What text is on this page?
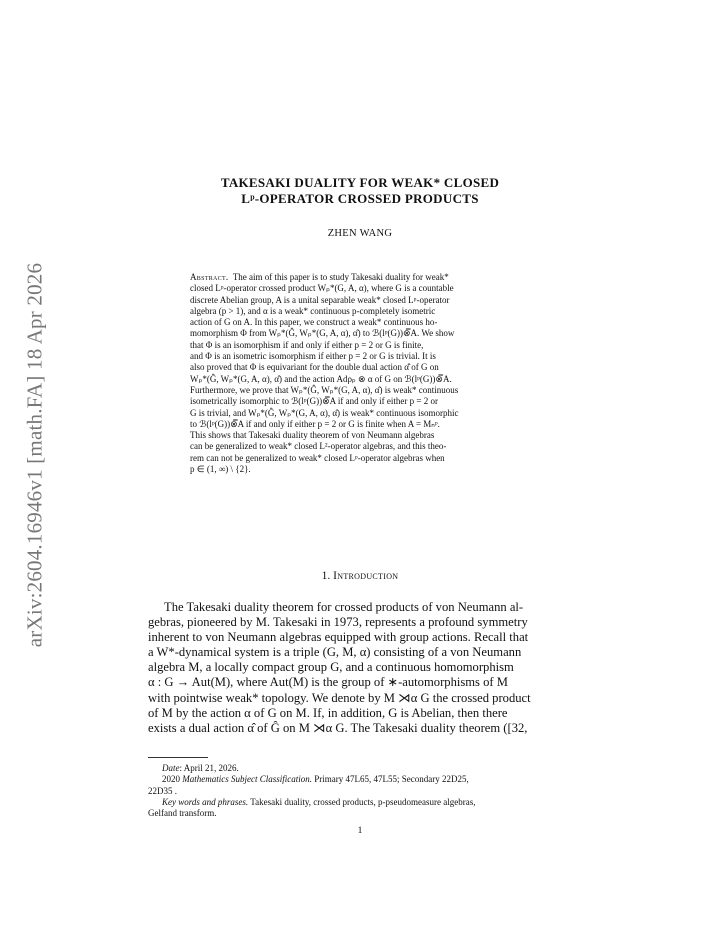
arXiv:2604.16946v1 [math.FA] 18 Apr 2026
TAKESAKI DUALITY FOR WEAK* CLOSED
Lᵖ-OPERATOR CROSSED PRODUCTS
ZHEN WANG
Abstract. The aim of this paper is to study Takesaki duality for weak*
closed Lᵖ-operator crossed product Wₚ*(G, A, α), where G is a countable
discrete Abelian group, A is a unital separable weak* closed Lᵖ-operator
algebra (p > 1), and α is a weak* continuous p-completely isometric
action of G on A. In this paper, we construct a weak* continuous ho-
momorphism Φ from Wₚ*(Ĝ, Wₚ*(G, A, α), α̂) to ℬ(lᵖ(G))⊗̅A. We show
that Φ is an isomorphism if and only if either p = 2 or G is finite,
and Φ is an isometric isomorphism if either p = 2 or G is trivial. It is
also proved that Φ is equivariant for the double dual action α̂̂ of G on
Wₚ*(Ĝ, Wₚ*(G, A, α), α̂) and the action Adρₚ ⊗ α of G on ℬ(lᵖ(G))⊗̅A.
Furthermore, we prove that Wₚ*(Ĝ, Wₚ*(G, A, α), α̂) is weak* continuous
isometrically isomorphic to ℬ(lᵖ(G))⊗̅A if and only if either p = 2 or
G is trivial, and Wₚ*(Ĝ, Wₚ*(G, A, α), α̂) is weak* continuous isomorphic
to ℬ(lᵖ(G))⊗̅A if and only if either p = 2 or G is finite when A = Mₙᵖ.
This shows that Takesaki duality theorem of von Neumann algebras
can be generalized to weak* closed L²-operator algebras, and this theo-
rem can not be generalized to weak* closed Lᵖ-operator algebras when
p ∈ (1, ∞) \ {2}.
1. Introduction
The Takesaki duality theorem for crossed products of von Neumann al-
gebras, pioneered by M. Takesaki in 1973, represents a profound symmetry
inherent to von Neumann algebras equipped with group actions. Recall that
a W*-dynamical system is a triple (G, M, α) consisting of a von Neumann
algebra M, a locally compact group G, and a continuous homomorphism
α : G → Aut(M), where Aut(M) is the group of ∗-automorphisms of M
with pointwise weak* topology. We denote by M ⋊α G the crossed product
of M by the action α of G on M. If, in addition, G is Abelian, then there
exists a dual action α̂ of Ĝ on M ⋊α G. The Takesaki duality theorem ([32,
Date: April 21, 2026.
2020 Mathematics Subject Classification. Primary 47L65, 47L55; Secondary 22D25,
22D35 .
Key words and phrases. Takesaki duality, crossed products, p-pseudomeasure algebras,
Gelfand transform.
1
